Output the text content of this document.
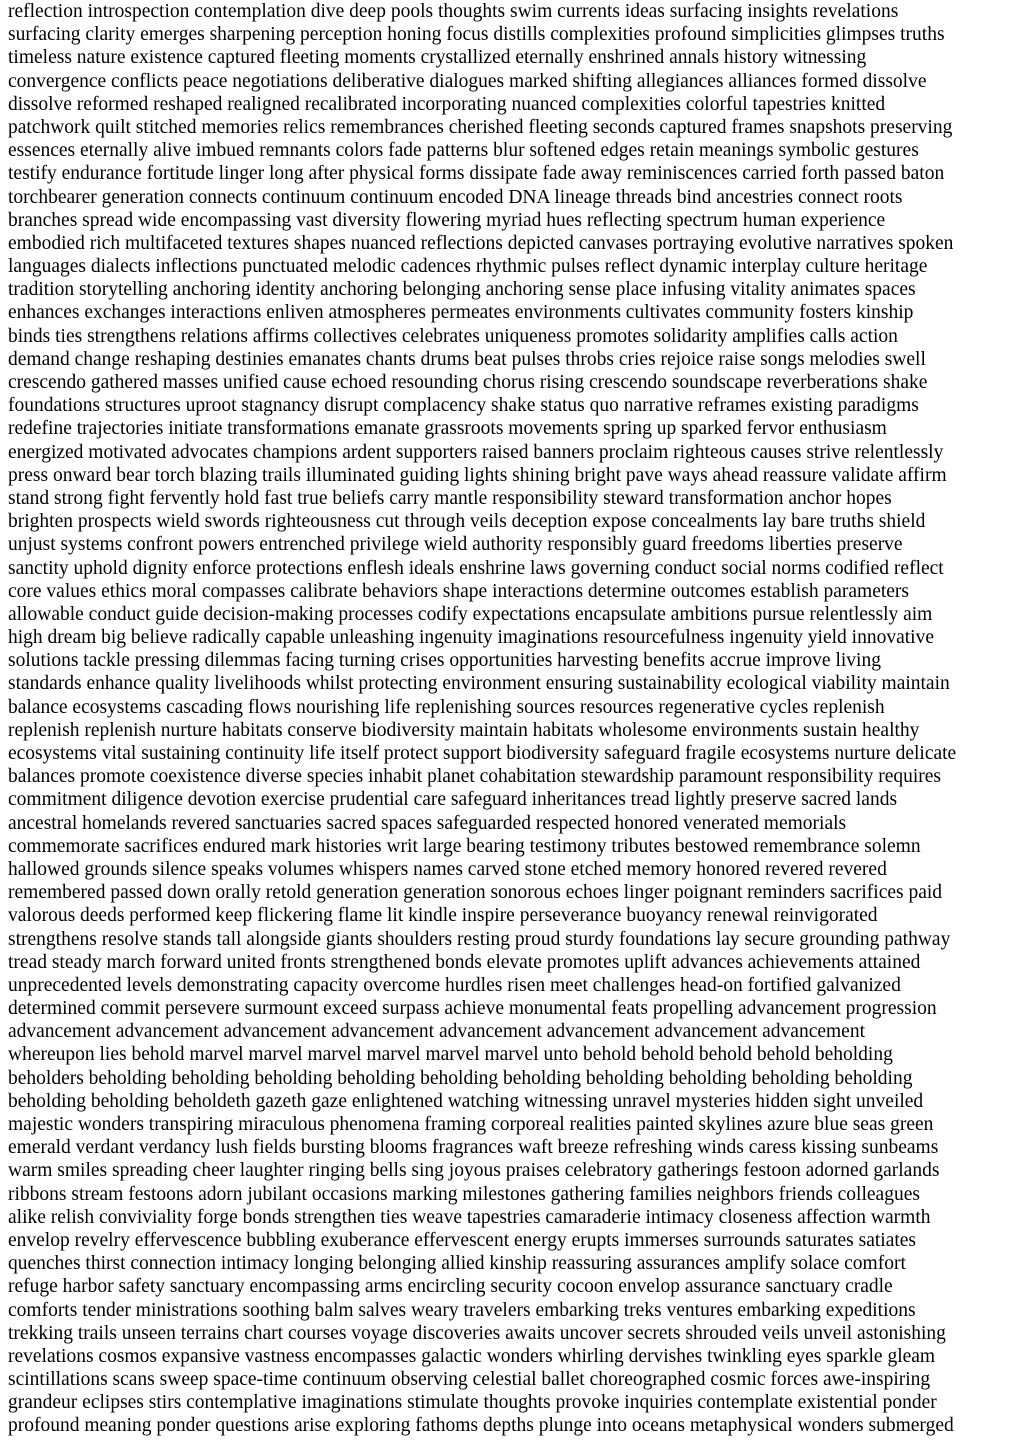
reflection introspection contemplation dive deep pools thoughts swim currents ideas surfacing insights revelations
surfacing clarity emerges sharpening perception honing focus distills complexities profound simplicities glimpses truths
timeless nature existence captured fleeting moments crystallized eternally enshrined annals history witnessing
convergence conflicts peace negotiations deliberative dialogues marked shifting allegiances alliances formed dissolve
dissolve reformed reshaped realigned recalibrated incorporating nuanced complexities colorful tapestries knitted
patchwork quilt stitched memories relics remembrances cherished fleeting seconds captured frames snapshots preserving
essences eternally alive imbued remnants colors fade patterns blur softened edges retain meanings symbolic gestures
testify endurance fortitude linger long after physical forms dissipate fade away reminiscences carried forth passed baton
torchbearer generation connects continuum continuum encoded DNA lineage threads bind ancestries connect roots
branches spread wide encompassing vast diversity flowering myriad hues reflecting spectrum human experience
embodied rich multifaceted textures shapes nuanced reflections depicted canvases portraying evolutive narratives spoken
languages dialects inflections punctuated melodic cadences rhythmic pulses reflect dynamic interplay culture heritage
tradition storytelling anchoring identity anchoring belonging anchoring sense place infusing vitality animates spaces
enhances exchanges interactions enliven atmospheres permeates environments cultivates community fosters kinship
binds ties strengthens relations affirms collectives celebrates uniqueness promotes solidarity amplifies calls action
demand change reshaping destinies emanates chants drums beat pulses throbs cries rejoice raise songs melodies swell
crescendo gathered masses unified cause echoed resounding chorus rising crescendo soundscape reverberations shake
foundations structures uproot stagnancy disrupt complacency shake status quo narrative reframes existing paradigms
redefine trajectories initiate transformations emanate grassroots movements spring up sparked fervor enthusiasm
energized motivated advocates champions ardent supporters raised banners proclaim righteous causes strive relentlessly
press onward bear torch blazing trails illuminated guiding lights shining bright pave ways ahead reassure validate affirm
stand strong fight fervently hold fast true beliefs carry mantle responsibility steward transformation anchor hopes
brighten prospects wield swords righteousness cut through veils deception expose concealments lay bare truths shield
unjust systems confront powers entrenched privilege wield authority responsibly guard freedoms liberties preserve
sanctity uphold dignity enforce protections enflesh ideals enshrine laws governing conduct social norms codified reflect
core values ethics moral compasses calibrate behaviors shape interactions determine outcomes establish parameters
allowable conduct guide decision-making processes codify expectations encapsulate ambitions pursue relentlessly aim
high dream big believe radically capable unleashing ingenuity imaginations resourcefulness ingenuity yield innovative
solutions tackle pressing dilemmas facing turning crises opportunities harvesting benefits accrue improve living
standards enhance quality livelihoods whilst protecting environment ensuring sustainability ecological viability maintain
balance ecosystems cascading flows nourishing life replenishing sources resources regenerative cycles replenish
replenish replenish nurture habitats conserve biodiversity maintain habitats wholesome environments sustain healthy
ecosystems vital sustaining continuity life itself protect support biodiversity safeguard fragile ecosystems nurture delicate
balances promote coexistence diverse species inhabit planet cohabitation stewardship paramount responsibility requires
commitment diligence devotion exercise prudential care safeguard inheritances tread lightly preserve sacred lands
ancestral homelands revered sanctuaries sacred spaces safeguarded respected honored venerated memorials
commemorate sacrifices endured mark histories writ large bearing testimony tributes bestowed remembrance solemn
hallowed grounds silence speaks volumes whispers names carved stone etched memory honored revered revered
remembered passed down orally retold generation generation sonorous echoes linger poignant reminders sacrifices paid
valorous deeds performed keep flickering flame lit kindle inspire perseverance buoyancy renewal reinvigorated
strengthens resolve stands tall alongside giants shoulders resting proud sturdy foundations lay secure grounding pathway
tread steady march forward united fronts strengthened bonds elevate promotes uplift advances achievements attained
unprecedented levels demonstrating capacity overcome hurdles risen meet challenges head-on fortified galvanized
determined commit persevere surmount exceed surpass achieve monumental feats propelling advancement progression
advancement advancement advancement advancement advancement advancement advancement advancement
whereupon lies behold marvel marvel marvel marvel marvel marvel unto behold behold behold behold beholding
beholders beholding beholding beholding beholding beholding beholding beholding beholding beholding beholding
beholding beholding beholdeth gazeth gaze enlightened watching witnessing unravel mysteries hidden sight unveiled
majestic wonders transpiring miraculous phenomena framing corporeal realities painted skylines azure blue seas green
emerald verdant verdancy lush fields bursting blooms fragrances waft breeze refreshing winds caress kissing sunbeams
warm smiles spreading cheer laughter ringing bells sing joyous praises celebratory gatherings festoon adorned garlands
ribbons stream festoons adorn jubilant occasions marking milestones gathering families neighbors friends colleagues
alike relish conviviality forge bonds strengthen ties weave tapestries camaraderie intimacy closeness affection warmth
envelop revelry effervescence bubbling exuberance effervescent energy erupts immerses surrounds saturates satiates
quenches thirst connection intimacy longing belonging allied kinship reassuring assurances amplify solace comfort
refuge harbor safety sanctuary encompassing arms encircling security cocoon envelop assurance sanctuary cradle
comforts tender ministrations soothing balm salves weary travelers embarking treks ventures embarking expeditions
trekking trails unseen terrains chart courses voyage discoveries awaits uncover secrets shrouded veils unveil astonishing
revelations cosmos expansive vastness encompasses galactic wonders whirling dervishes twinkling eyes sparkle gleam
scintillations scans sweep space-time continuum observing celestial ballet choreographed cosmic forces awe-inspiring
grandeur eclipses stirs contemplative imaginations stimulate thoughts provoke inquiries contemplate existential ponder
profound meaning ponder questions arise exploring fathoms depths plunge into oceans metaphysical wonders submerged
